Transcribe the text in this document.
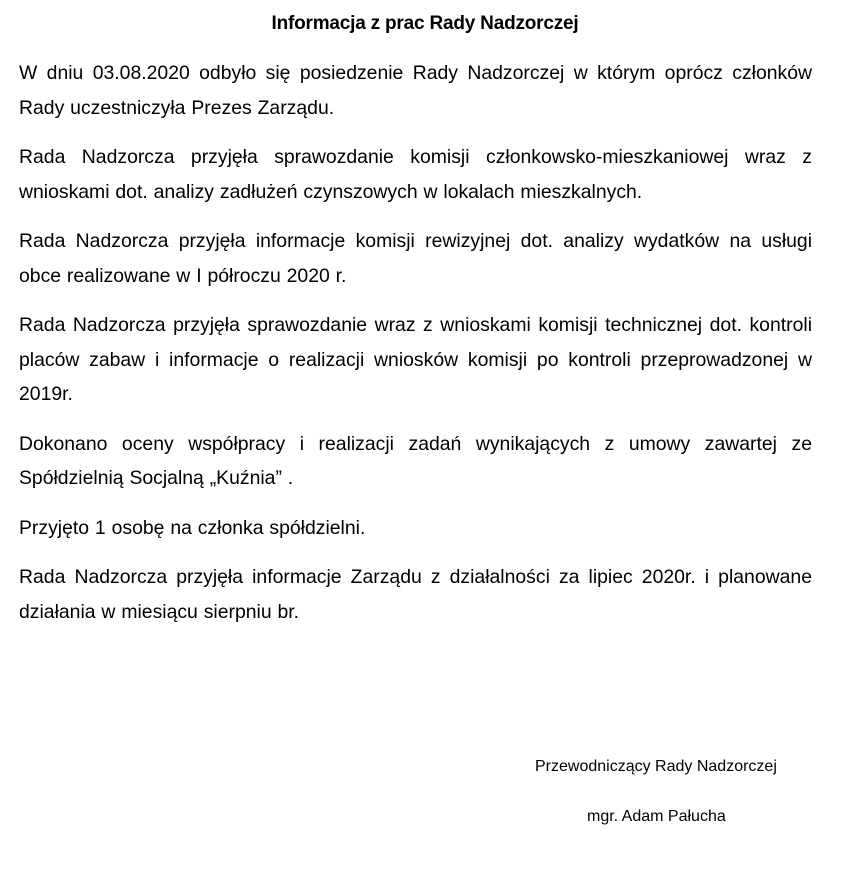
Informacja z prac Rady Nadzorczej

W dniu 03.08.2020 odbyło się posiedzenie Rady Nadzorczej w którym oprócz członków Rady uczestniczyła Prezes Zarządu.

Rada Nadzorcza przyjęła sprawozdanie komisji członkowsko-mieszkaniowej wraz z wnioskami dot. analizy zadłużeń czynszowych w lokalach mieszkalnych.

Rada Nadzorcza przyjęła informacje komisji rewizyjnej dot. analizy wydatków na usługi obce realizowane w I półroczu 2020 r.

Rada Nadzorcza przyjęła sprawozdanie wraz z wnioskami komisji technicznej dot. kontroli placów zabaw i informacje o realizacji wniosków komisji po kontroli przeprowadzonej w 2019r.

Dokonano oceny współpracy i realizacji zadań wynikających z umowy zawartej ze Spółdzielnią Socjalną „Kuźnia” .

Przyjęto 1 osobę na członka spółdzielni.

Rada Nadzorcza przyjęła informacje Zarządu z działalności za lipiec 2020r. i planowane działania w miesiącu sierpniu br.

Przewodniczący Rady Nadzorczej
mgr. Adam Pałucha
